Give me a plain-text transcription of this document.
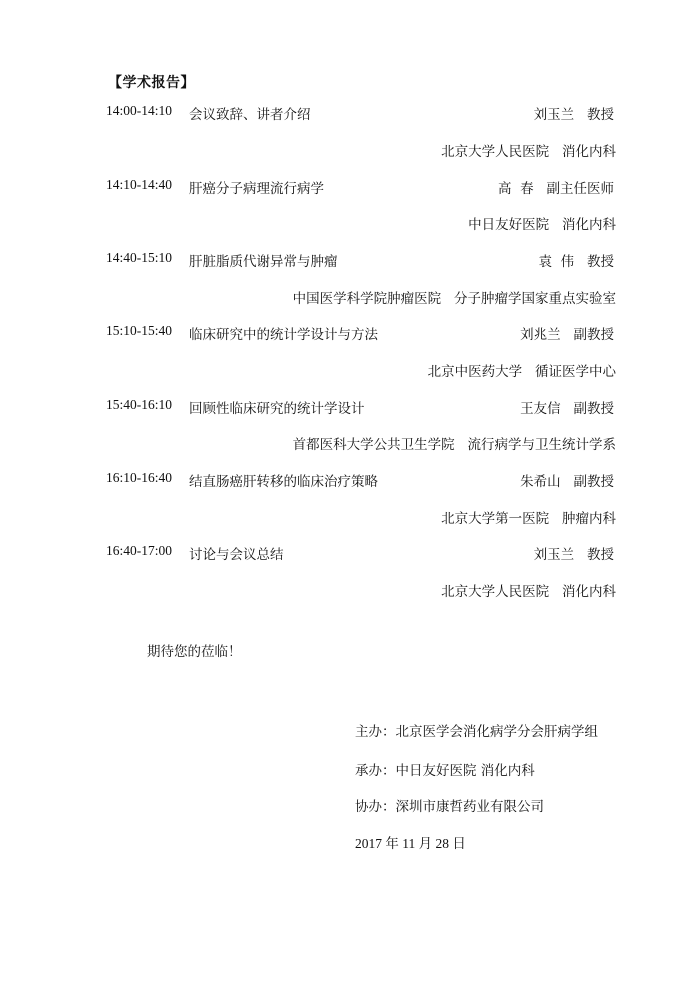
【学术报告】
14:00-14:10 会议致辞、讲者介绍	刘玉兰   教授
北京大学人民医院   消化内科
14:10-14:40 肝癌分子病理流行病学	高  春   副主任医师
中日友好医院   消化内科
14:40-15:10 肝脏脂质代谢异常与肿瘤	袁  伟   教授
中国医学科学院肿瘤医院   分子肿瘤学国家重点实验室
15:10-15:40 临床研究中的统计学设计与方法	刘兆兰   副教授
北京中医药大学   循证医学中心
15:40-16:10 回顾性临床研究的统计学设计	王友信   副教授
首都医科大学公共卫生学院   流行病学与卫生统计学系
16:10-16:40 结直肠癌肝转移的临床治疗策略	朱希山   副教授
北京大学第一医院   肿瘤内科
16:40-17:00 讨论与会议总结	刘玉兰   教授
北京大学人民医院   消化内科
期待您的莅临！
主办：北京医学会消化病学分会肝病学组
承办：中日友好医院 消化内科
协办：深圳市康哲药业有限公司
2017 年 11 月 28 日
